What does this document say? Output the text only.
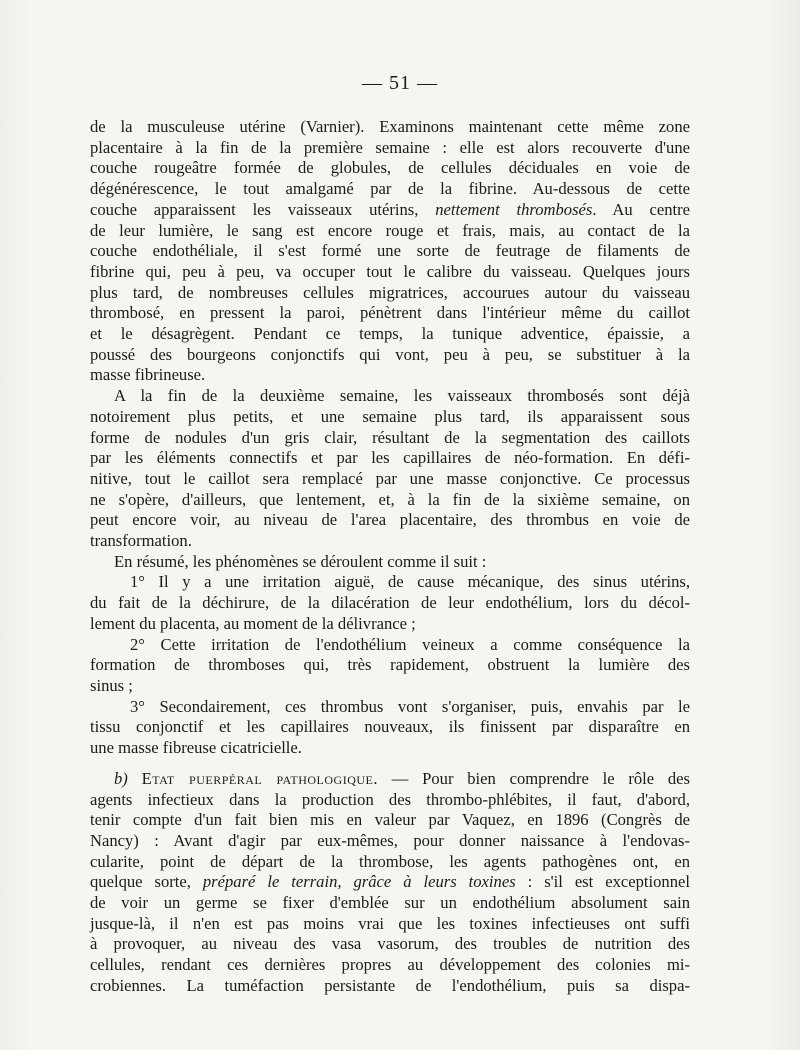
— 51 —
de la musculeuse utérine (Varnier). Examinons maintenant cette même zone
placentaire à la fin de la première semaine : elle est alors recouverte d'une
couche rougeâtre formée de globules, de cellules déciduales en voie de
dégénérescence, le tout amalgamé par de la fibrine. Au-dessous de cette
couche apparaissent les vaisseaux utérins, nettement thrombosés. Au centre
de leur lumière, le sang est encore rouge et frais, mais, au contact de la
couche endothéliale, il s'est formé une sorte de feutrage de filaments de
fibrine qui, peu à peu, va occuper tout le calibre du vaisseau. Quelques jours
plus tard, de nombreuses cellules migratrices, accourues autour du vaisseau
thrombosé, en pressent la paroi, pénètrent dans l'intérieur même du caillot
et le désagrègent. Pendant ce temps, la tunique adventice, épaissie, a
poussé des bourgeons conjonctifs qui vont, peu à peu, se substituer à la
masse fibrineuse.
A la fin de la deuxième semaine, les vaisseaux thrombosés sont déjà
notoirement plus petits, et une semaine plus tard, ils apparaissent sous
forme de nodules d'un gris clair, résultant de la segmentation des caillots
par les éléments connectifs et par les capillaires de néo-formation. En défi-
nitive, tout le caillot sera remplacé par une masse conjonctive. Ce processus
ne s'opère, d'ailleurs, que lentement, et, à la fin de la sixième semaine, on
peut encore voir, au niveau de l'area placentaire, des thrombus en voie de
transformation.
En résumé, les phénomènes se déroulent comme il suit :
1° Il y a une irritation aiguë, de cause mécanique, des sinus utérins,
du fait de la déchirure, de la dilacération de leur endothélium, lors du décol-
lement du placenta, au moment de la délivrance ;
2° Cette irritation de l'endothélium veineux a comme conséquence la
formation de thromboses qui, très rapidement, obstruent la lumière des
sinus ;
3° Secondairement, ces thrombus vont s'organiser, puis, envahis par le
tissu conjonctif et les capillaires nouveaux, ils finissent par disparaître en
une masse fibreuse cicatricielle.
b) Etat puerpéral pathologique. — Pour bien comprendre le rôle des
agents infectieux dans la production des thrombo-phlébites, il faut, d'abord,
tenir compte d'un fait bien mis en valeur par Vaquez, en 1896 (Congrès de
Nancy) : Avant d'agir par eux-mêmes, pour donner naissance à l'endovas-
cularite, point de départ de la thrombose, les agents pathogènes ont, en
quelque sorte, préparé le terrain, grâce à leurs toxines : s'il est exceptionnel
de voir un germe se fixer d'emblée sur un endothélium absolument sain
jusque-là, il n'en est pas moins vrai que les toxines infectieuses ont suffi
à provoquer, au niveau des vasa vasorum, des troubles de nutrition des
cellules, rendant ces dernières propres au développement des colonies mi-
crobiennes. La tuméfaction persistante de l'endothélium, puis sa dispa-
